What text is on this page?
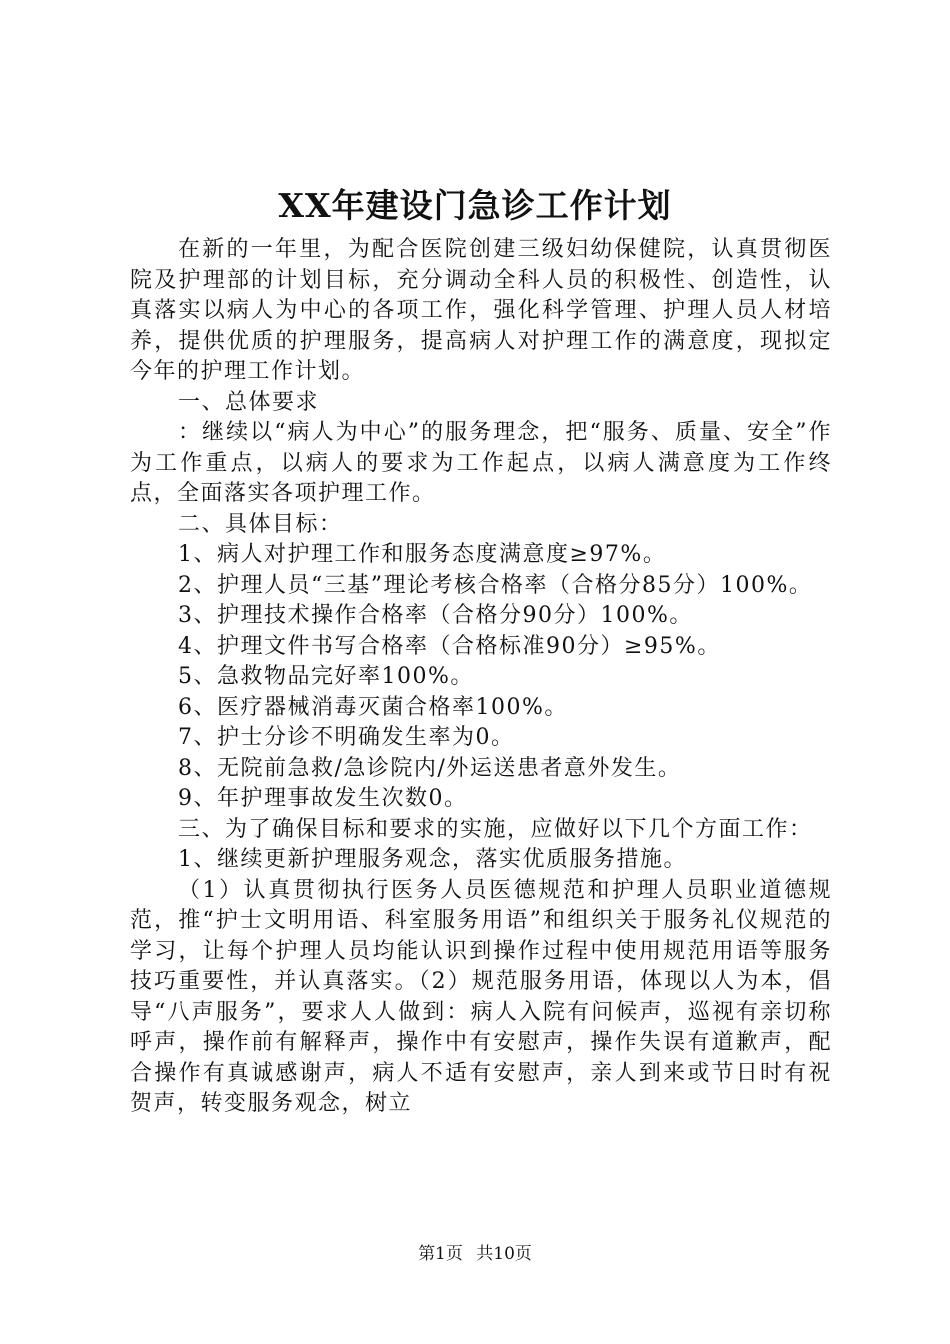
XX年建设门急诊工作计划

在新的一年里，为配合医院创建三级妇幼保健院，认真贯彻医院及护理部的计划目标，充分调动全科人员的积极性、创造性，认真落实以病人为中心的各项工作，强化科学管理、护理人员人材培养，提供优质的护理服务，提高病人对护理工作的满意度，现拟定今年的护理工作计划。

一、总体要求

：继续以“病人为中心”的服务理念，把“服务、质量、安全”作为工作重点，以病人的要求为工作起点，以病人满意度为工作终点，全面落实各项护理工作。

二、具体目标：

1、病人对护理工作和服务态度满意度≥97%。

2、护理人员“三基”理论考核合格率（合格分85分）100%。

3、护理技术操作合格率（合格分90分）100%。

4、护理文件书写合格率（合格标准90分）≥95%。

5、急救物品完好率100%。

6、医疗器械消毒灭菌合格率100%。

7、护士分诊不明确发生率为0。

8、无院前急救/急诊院内/外运送患者意外发生。

9、年护理事故发生次数0。

三、为了确保目标和要求的实施，应做好以下几个方面工作：

1、继续更新护理服务观念，落实优质服务措施。

（1）认真贯彻执行医务人员医德规范和护理人员职业道德规范，推“护士文明用语、科室服务用语”和组织关于服务礼仪规范的学习，让每个护理人员均能认识到操作过程中使用规范用语等服务技巧重要性，并认真落实。（2）规范服务用语，体现以人为本，倡导“八声服务”，要求人人做到：病人入院有问候声，巡视有亲切称呼声，操作前有解释声，操作中有安慰声，操作失误有道歉声，配合操作有真诚感谢声，病人不适有安慰声，亲人到来或节日时有祝贺声，转变服务观念，树立

第1页 共10页
